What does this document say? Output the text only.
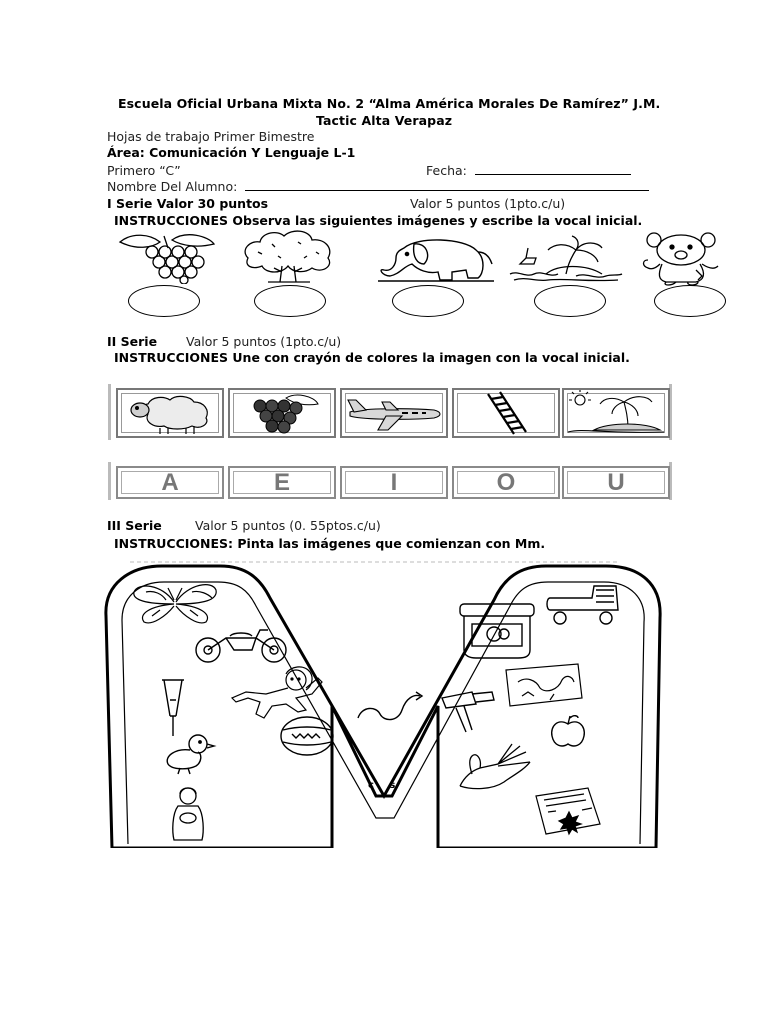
Escuela Oficial Urbana Mixta No. 2 “Alma América Morales De Ramírez” J.M.
Tactic Alta Verapaz
Hojas de trabajo Primer Bimestre
Área: Comunicación Y Lenguaje L-1
Primero “C”	Fecha:
Nombre Del Alumno:
I Serie Valor 30 puntos	Valor 5 puntos (1pto.c/u)
INSTRUCCIONES Observa las siguientes imágenes y escribe la vocal inicial.
II Serie Valor 5 puntos (1pto.c/u)
INSTRUCCIONES Une con crayón de colores la imagen con la vocal inicial.
A	E	I	O	U
III Serie	Valor 5 puntos (0. 55ptos.c/u)
INSTRUCCIONES: Pinta las imágenes que comienzan con Mm.
c s
